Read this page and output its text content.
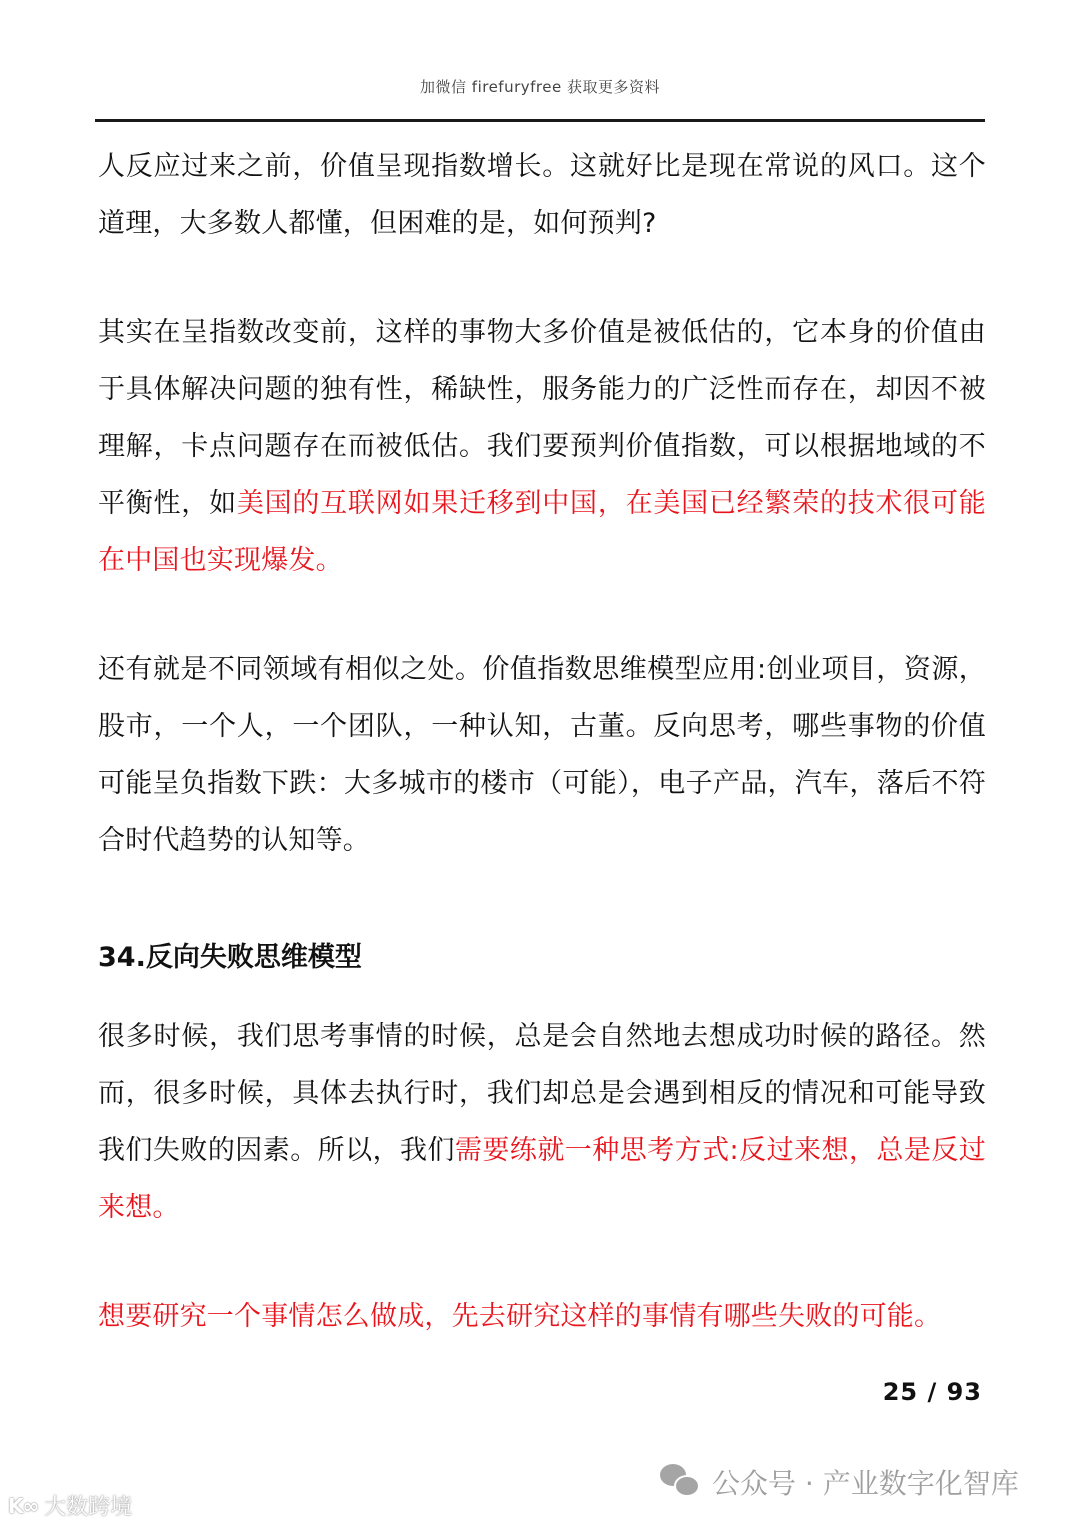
加微信 firefuryfree 获取更多资料

人反应过来之前，价值呈现指数增长。这就好比是现在常说的风口。这个道理，大多数人都懂，但困难的是，如何预判?

其实在呈指数改变前，这样的事物大多价值是被低估的，它本身的价值由于具体解决问题的独有性，稀缺性，服务能力的广泛性而存在，却因不被理解，卡点问题存在而被低估。我们要预判价值指数，可以根据地域的不平衡性，如美国的互联网如果迁移到中国，在美国已经繁荣的技术很可能在中国也实现爆发。

还有就是不同领域有相似之处。价值指数思维模型应用:创业项目，资源，股市，一个人，一个团队，一种认知，古董。反向思考，哪些事物的价值可能呈负指数下跌：大多城市的楼市（可能），电子产品，汽车，落后不符合时代趋势的认知等。

34.反向失败思维模型

很多时候，我们思考事情的时候，总是会自然地去想成功时候的路径。然而，很多时候，具体去执行时，我们却总是会遇到相反的情况和可能导致我们失败的因素。所以，我们需要练就一种思考方式:反过来想，总是反过来想。

想要研究一个事情怎么做成，先去研究这样的事情有哪些失败的可能。

25 / 93
公众号 · 产业数字化智库
K∞ 大数跨境
